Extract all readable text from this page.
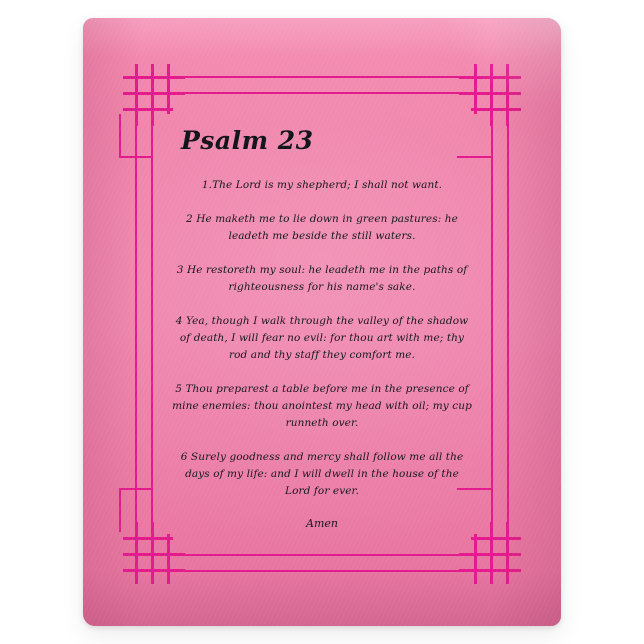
Psalm 23

1.The Lord is my shepherd; I shall not want.

2 He maketh me to lie down in green pastures: he leadeth me beside the still waters.

3 He restoreth my soul: he leadeth me in the paths of righteousness for his name's sake.

4 Yea, though I walk through the valley of the shadow of death, I will fear no evil: for thou art with me; thy rod and thy staff they comfort me.

5 Thou preparest a table before me in the presence of mine enemies: thou anointest my head with oil; my cup runneth over.

6 Surely goodness and mercy shall follow me all the days of my life: and I will dwell in the house of the Lord for ever.

Amen
